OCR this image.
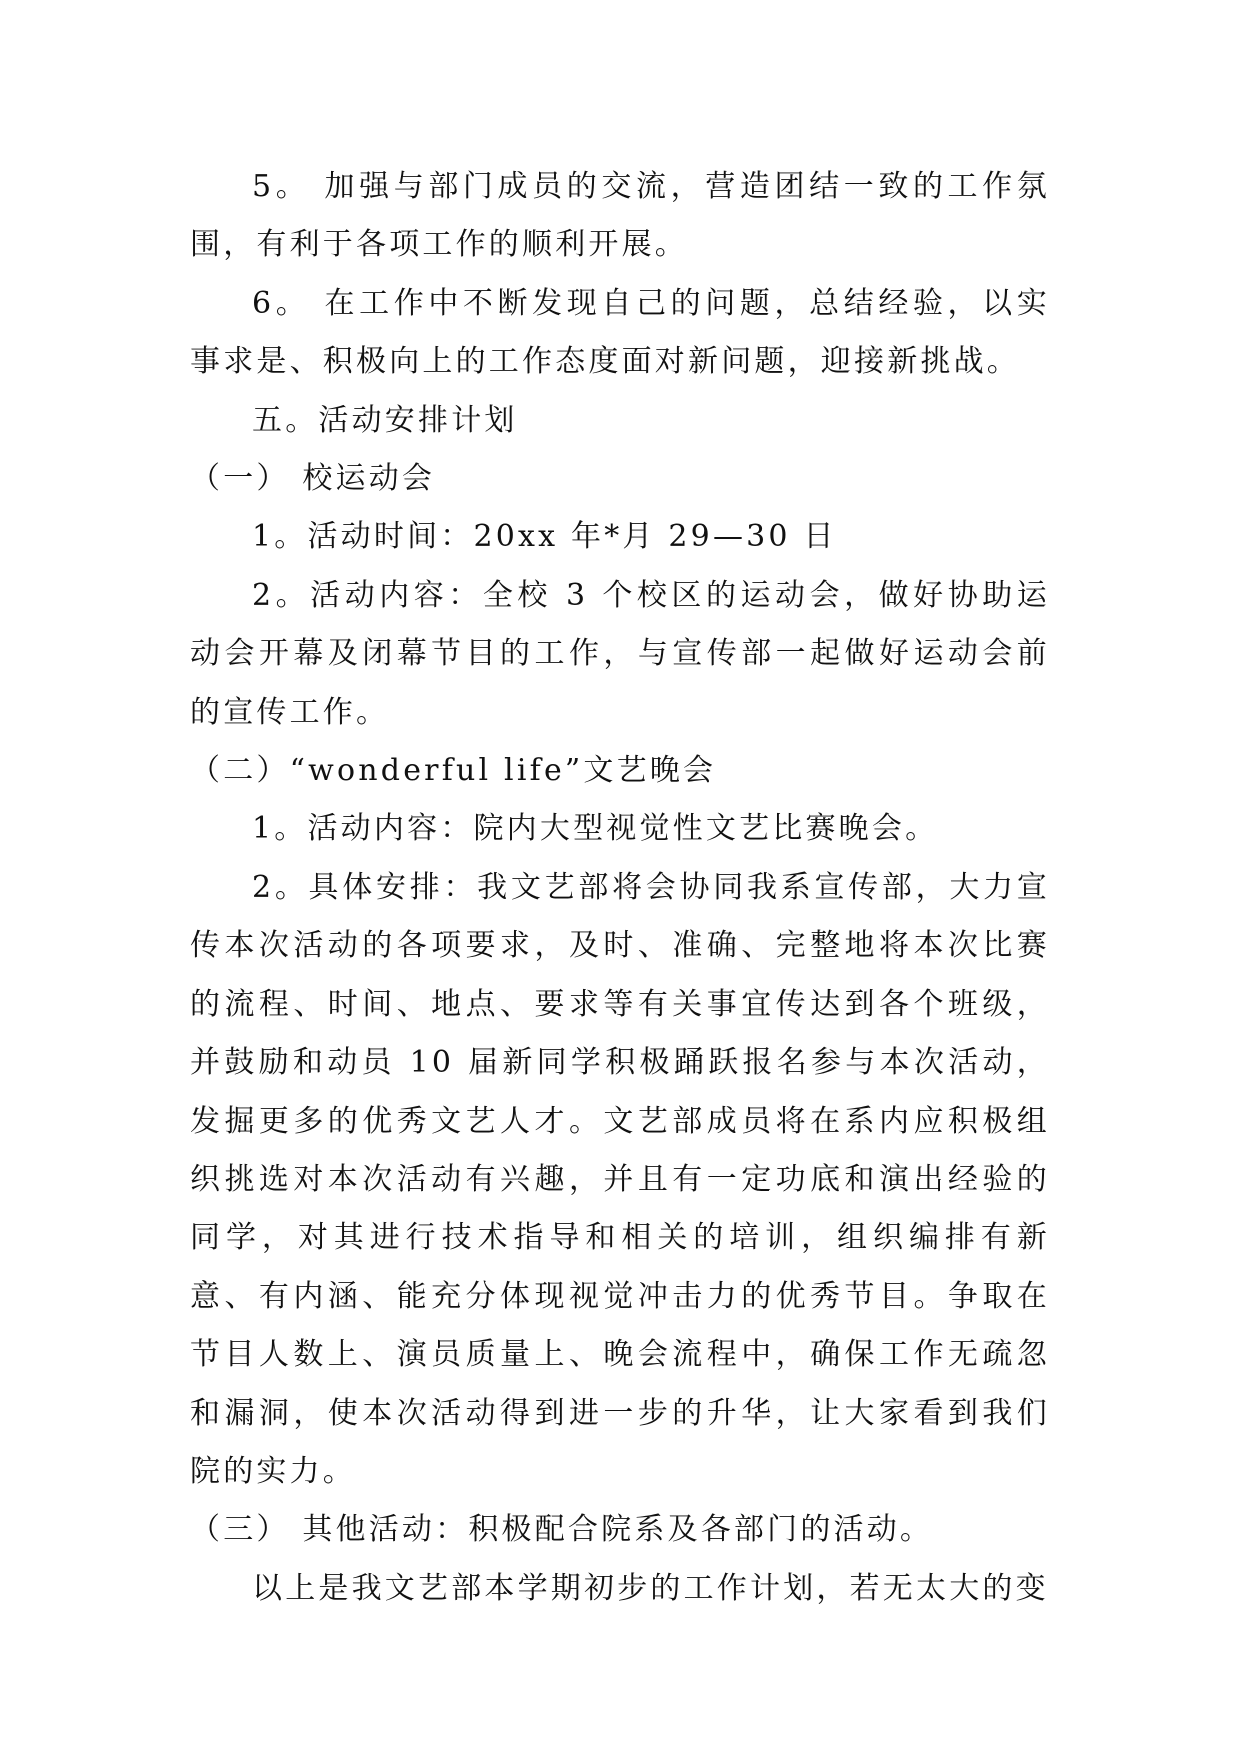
5。 加强与部门成员的交流，营造团结一致的工作氛围，有利于各项工作的顺利开展。

6。 在工作中不断发现自己的问题，总结经验，以实事求是、积极向上的工作态度面对新问题，迎接新挑战。

五。活动安排计划

（一） 校运动会

1。活动时间：20xx 年*月 29—30 日

2。活动内容：全校 3 个校区的运动会，做好协助运动会开幕及闭幕节目的工作，与宣传部一起做好运动会前的宣传工作。

（二）“wonderful life”文艺晚会

1。活动内容：院内大型视觉性文艺比赛晚会。

2。具体安排：我文艺部将会协同我系宣传部，大力宣传本次活动的各项要求，及时、准确、完整地将本次比赛的流程、时间、地点、要求等有关事宜传达到各个班级，并鼓励和动员 10 届新同学积极踊跃报名参与本次活动，发掘更多的优秀文艺人才。文艺部成员将在系内应积极组织挑选对本次活动有兴趣，并且有一定功底和演出经验的同学，对其进行技术指导和相关的培训，组织编排有新意、有内涵、能充分体现视觉冲击力的优秀节目。争取在节目人数上、演员质量上、晚会流程中，确保工作无疏忽和漏洞，使本次活动得到进一步的升华，让大家看到我们院的实力。

（三） 其他活动：积极配合院系及各部门的活动。

以上是我文艺部本学期初步的工作计划，若无太大的变
